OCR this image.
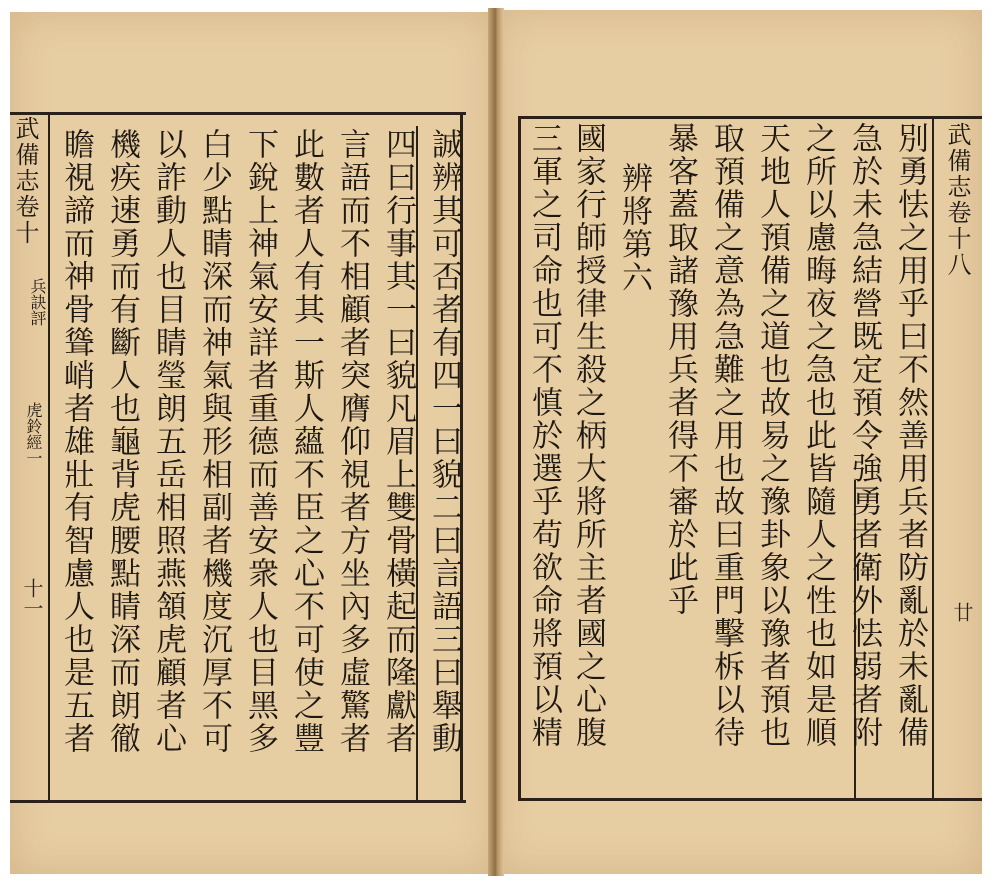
誠辨其可否者有四一曰貌二曰言語三曰舉動
四曰行事其一曰貌凡眉上雙骨橫起而隆獻者
言語而不相顧者突膺仰視者方坐內多虛驚者
此數者人有其一斯人蘊不臣之心不可使之豐
下銳上神氣安詳者重德而善安衆人也目黑多
白少點睛深而神氣與形相副者機度沉厚不可
以詐動人也目睛瑩朗五岳相照燕頷虎顧者心
機疾速勇而有斷人也龜背虎腰點睛深而朗徹
瞻視諦而神骨聳峭者雄壯有智慮人也是五者
武備志卷十
兵訣評
虎鈴經一
十一	別勇怯之用乎曰不然善用兵者防亂於未亂備
急於未急結營既定預令強勇者衛外怯弱者附
之所以慮晦夜之急也此皆隨人之性也如是順
天地人預備之道也故易之豫卦象以豫者預也
取預備之意為急難之用也故曰重門擊柝以待
暴客蓋取諸豫用兵者得不審於此乎
辨將第六
國家行師授律生殺之柄大將所主者國之心腹
三軍之司命也可不慎於選乎苟欲命將預以精	武備志卷十八
廿
